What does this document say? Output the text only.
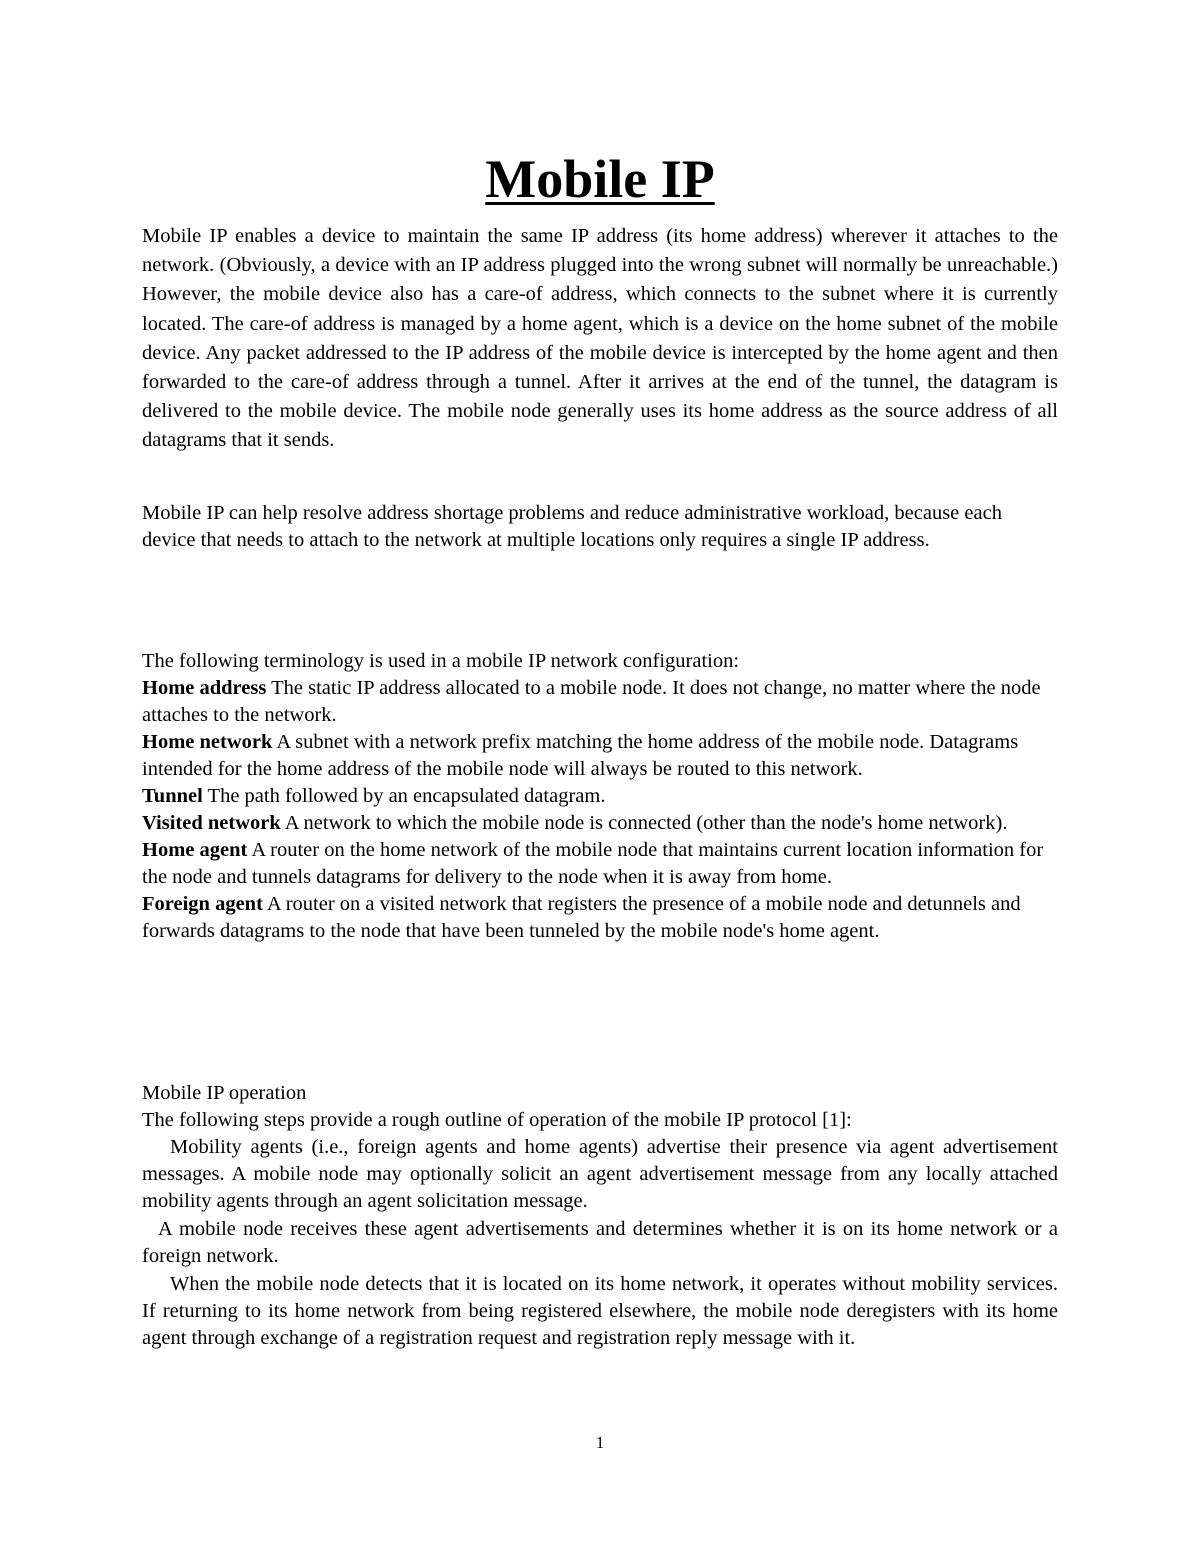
Mobile IP

Mobile IP enables a device to maintain the same IP address (its home address) wherever it attaches to the network. (Obviously, a device with an IP address plugged into the wrong subnet will normally be unreachable.) However, the mobile device also has a care-of address, which connects to the subnet where it is currently located. The care-of address is managed by a home agent, which is a device on the home subnet of the mobile device. Any packet addressed to the IP address of the mobile device is intercepted by the home agent and then forwarded to the care-of address through a tunnel. After it arrives at the end of the tunnel, the datagram is delivered to the mobile device. The mobile node generally uses its home address as the source address of all datagrams that it sends.

Mobile IP can help resolve address shortage problems and reduce administrative workload, because each device that needs to attach to the network at multiple locations only requires a single IP address.

The following terminology is used in a mobile IP network configuration:
Home address The static IP address allocated to a mobile node. It does not change, no matter where the node attaches to the network.
Home network A subnet with a network prefix matching the home address of the mobile node. Datagrams intended for the home address of the mobile node will always be routed to this network.
Tunnel The path followed by an encapsulated datagram.
Visited network A network to which the mobile node is connected (other than the node's home network).
Home agent A router on the home network of the mobile node that maintains current location information for the node and tunnels datagrams for delivery to the node when it is away from home.
Foreign agent A router on a visited network that registers the presence of a mobile node and detunnels and forwards datagrams to the node that have been tunneled by the mobile node's home agent.
Mobile IP operation
The following steps provide a rough outline of operation of the mobile IP protocol [1]:

Mobility agents (i.e., foreign agents and home agents) advertise their presence via agent advertisement messages. A mobile node may optionally solicit an agent advertisement message from any locally attached mobility agents through an agent solicitation message.

A mobile node receives these agent advertisements and determines whether it is on its home network or a foreign network.

When the mobile node detects that it is located on its home network, it operates without mobility services. If returning to its home network from being registered elsewhere, the mobile node deregisters with its home agent through exchange of a registration request and registration reply message with it.

1
